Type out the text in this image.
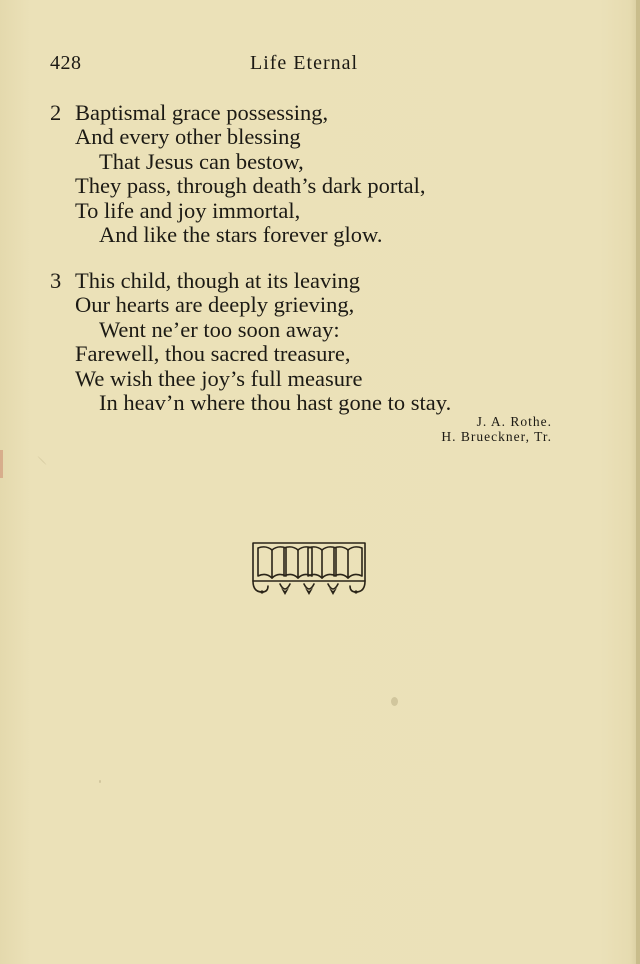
428	Life Eternal
2 Baptismal grace possessing,
And every other blessing
That Jesus can bestow,
They pass, through death’s dark portal,
To life and joy immortal,
And like the stars forever glow.
3 This child, though at its leaving
Our hearts are deeply grieving,
Went ne’er too soon away:
Farewell, thou sacred treasure,
We wish thee joy’s full measure
In heav’n where thou hast gone to stay.
J. A. Rothe.
H. Brueckner, Tr.
